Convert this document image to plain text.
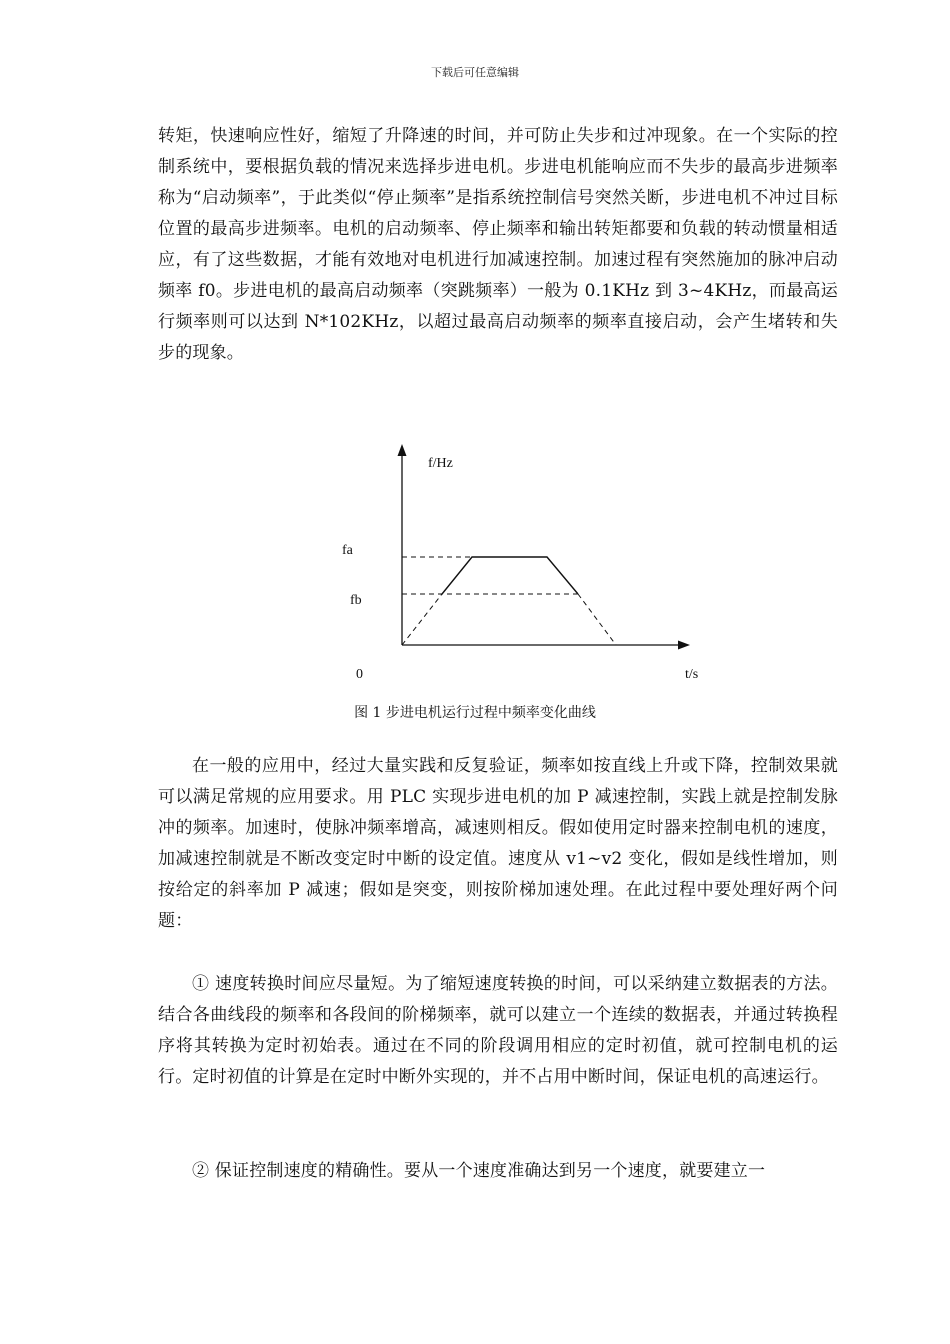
下载后可任意编辑

转矩，快速响应性好，缩短了升降速的时间，并可防止失步和过冲现象。在一个实际的控制系统中，要根据负载的情况来选择步进电机。步进电机能响应而不失步的最高步进频率称为“启动频率”，于此类似“停止频率”是指系统控制信号突然关断，步进电机不冲过目标位置的最高步进频率。电机的启动频率、停止频率和输出转矩都要和负载的转动惯量相适应，有了这些数据，才能有效地对电机进行加减速控制。加速过程有突然施加的脉冲启动频率 f0。步进电机的最高启动频率（突跳频率）一般为 0.1KHz 到 3~4KHz，而最高运行频率则可以达到 N*102KHz，以超过最高启动频率的频率直接启动，会产生堵转和失步的现象。

f/Hz
fa
fb
0	t/s
图 1 步进电机运行过程中频率变化曲线

在一般的应用中，经过大量实践和反复验证，频率如按直线上升或下降，控制效果就可以满足常规的应用要求。用 PLC 实现步进电机的加 P 减速控制，实践上就是控制发脉冲的频率。加速时，使脉冲频率增高，减速则相反。假如使用定时器来控制电机的速度，加减速控制就是不断改变定时中断的设定值。速度从 v1~v2 变化，假如是线性增加，则按给定的斜率加 P 减速；假如是突变，则按阶梯加速处理。在此过程中要处理好两个问题：

① 速度转换时间应尽量短。为了缩短速度转换的时间，可以采纳建立数据表的方法。结合各曲线段的频率和各段间的阶梯频率，就可以建立一个连续的数据表，并通过转换程序将其转换为定时初始表。通过在不同的阶段调用相应的定时初值，就可控制电机的运行。定时初值的计算是在定时中断外实现的，并不占用中断时间，保证电机的高速运行。

② 保证控制速度的精确性。要从一个速度准确达到另一个速度，就要建立一
